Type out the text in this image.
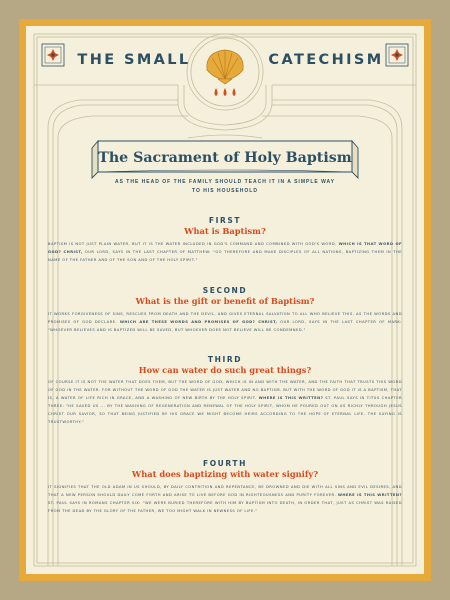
THE SMALL	CATECHISM
The Sacrament of Holy Baptism
AS THE HEAD OF THE FAMILY SHOULD TEACH IT IN A SIMPLE WAY TO HIS HOUSEHOLD
FIRST
What is Baptism?
BAPTISM IS NOT JUST PLAIN WATER, BUT IT IS THE WATER INCLUDED IN GOD'S COMMAND AND COMBINED WITH GOD'S WORD. WHICH IS THAT WORD OF GOD? CHRIST, OUR LORD, SAYS IN THE LAST CHAPTER OF MATTHEW: "GO THEREFORE AND MAKE DISCIPLES OF ALL NATIONS, BAPTIZING THEM IN THE NAME OF THE FATHER AND OF THE SON AND OF THE HOLY SPIRIT."
SECOND
What is the gift or benefit of Baptism?
IT WORKS FORGIVENESS OF SINS, RESCUES FROM DEATH AND THE DEVIL, AND GIVES ETERNAL SALVATION TO ALL WHO BELIEVE THIS, AS THE WORDS AND PROMISES OF GOD DECLARE. WHICH ARE THESE WORDS AND PROMISES OF GOD? CHRIST, OUR LORD, SAYS IN THE LAST CHAPTER OF MARK: "WHOEVER BELIEVES AND IS BAPTIZED WILL BE SAVED, BUT WHOEVER DOES NOT BELIEVE WILL BE CONDEMNED."
THIRD
How can water do such great things?
OF COURSE IT IS NOT THE WATER THAT DOES THEM, BUT THE WORD OF GOD, WHICH IS IN AND WITH THE WATER, AND THE FAITH THAT TRUSTS THIS WORD OF GOD IN THE WATER. FOR WITHOUT THE WORD OF GOD THE WATER IS JUST WATER AND NO BAPTISM. BUT WITH THE WORD OF GOD IT IS A BAPTISM, THAT IS, A WATER OF LIFE RICH IN GRACE, AND A WASHING OF NEW BIRTH BY THE HOLY SPIRIT. WHERE IS THIS WRITTEN? ST. PAUL SAYS IN TITUS CHAPTER THREE: "HE SAVED US ... BY THE WASHING OF REGENERATION AND RENEWAL OF THE HOLY SPIRIT, WHOM HE POURED OUT ON US RICHLY THROUGH JESUS CHRIST OUR SAVIOR, SO THAT BEING JUSTIFIED BY HIS GRACE WE MIGHT BECOME HEIRS ACCORDING TO THE HOPE OF ETERNAL LIFE. THE SAYING IS TRUSTWORTHY."
FOURTH
What does baptizing with water signify?
IT SIGNIFIES THAT THE OLD ADAM IN US SHOULD, BY DAILY CONTRITION AND REPENTANCE, BE DROWNED AND DIE WITH ALL SINS AND EVIL DESIRES, AND THAT A NEW PERSON SHOULD DAILY COME FORTH AND ARISE TO LIVE BEFORE GOD IN RIGHTEOUSNESS AND PURITY FOREVER. WHERE IS THIS WRITTEN? ST. PAUL SAYS IN ROMANS CHAPTER SIX: "WE WERE BURIED THEREFORE WITH HIM BY BAPTISM INTO DEATH, IN ORDER THAT, JUST AS CHRIST WAS RAISED FROM THE DEAD BY THE GLORY OF THE FATHER, WE TOO MIGHT WALK IN NEWNESS OF LIFE."
